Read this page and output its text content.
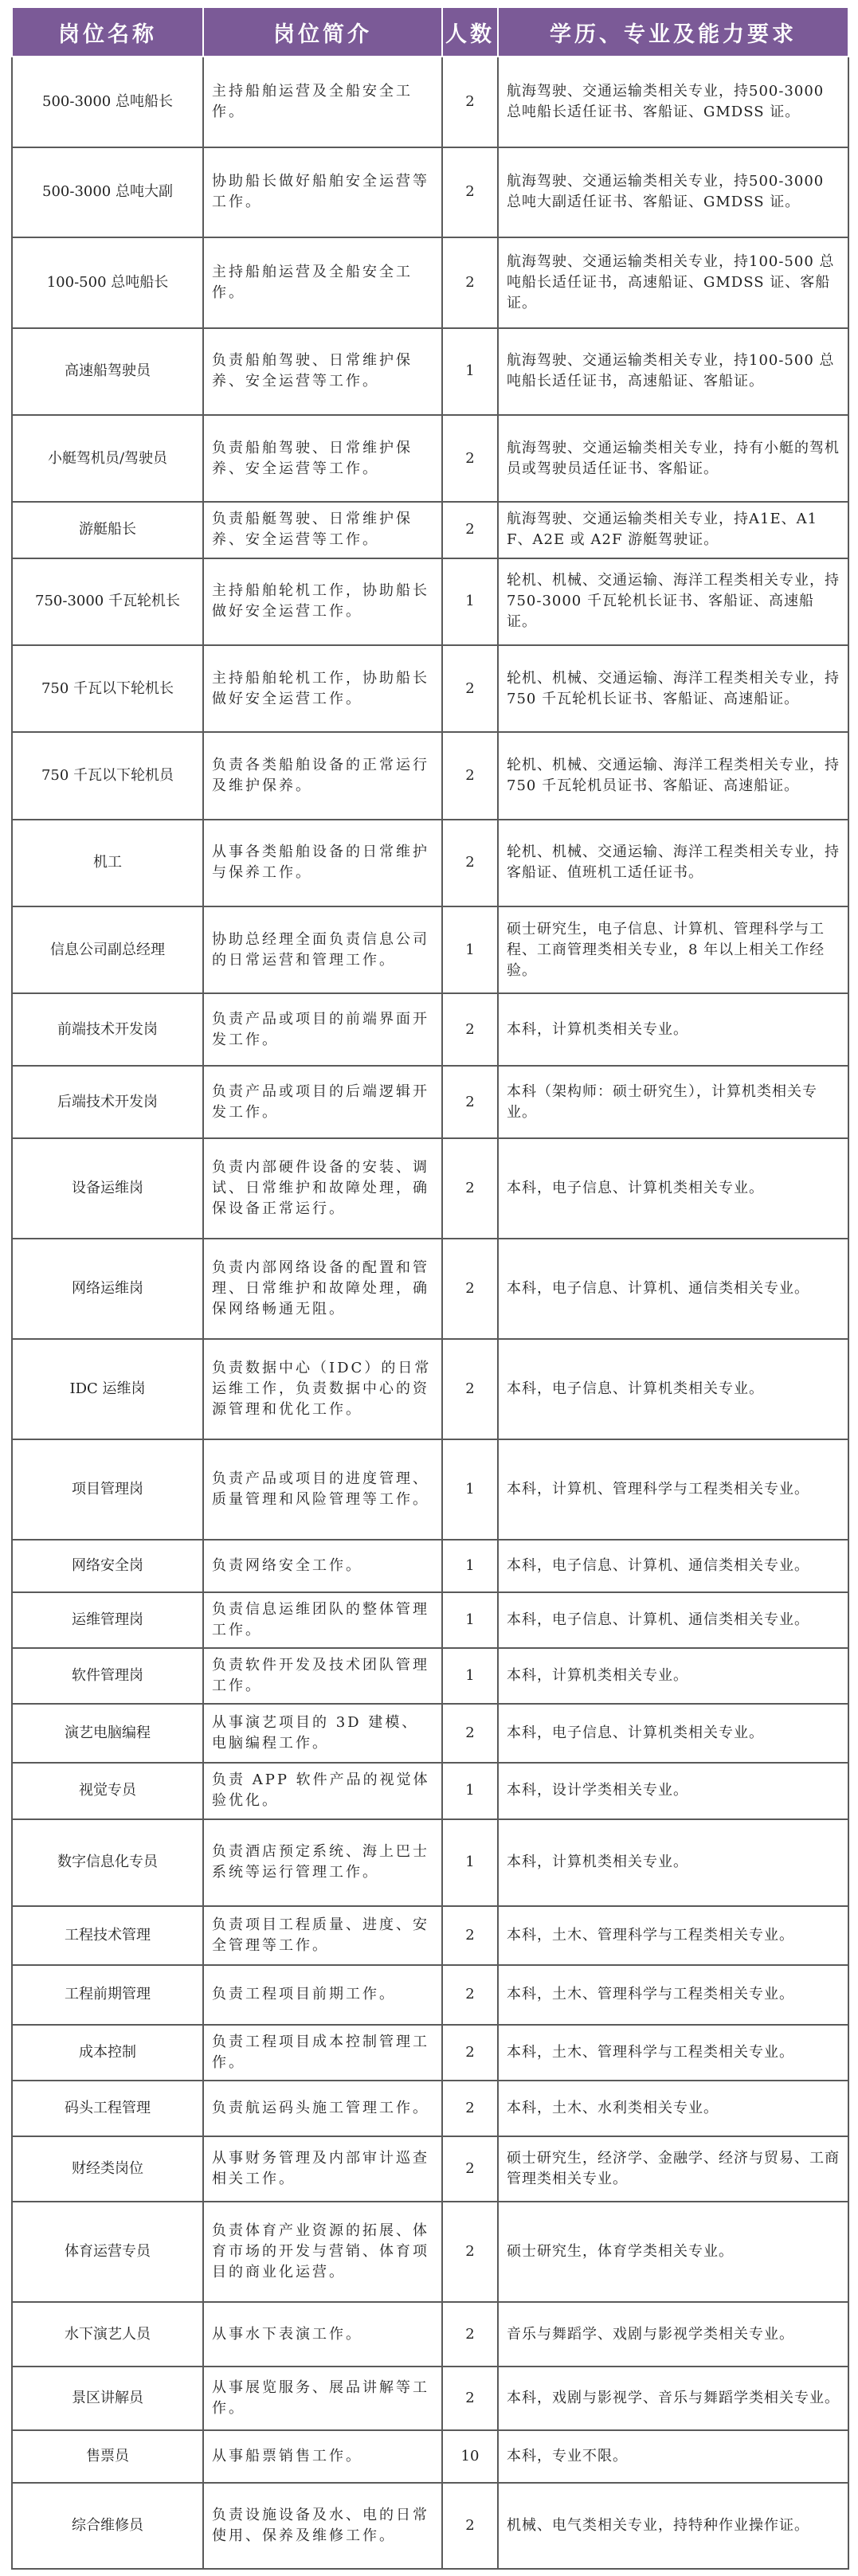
岗位名称	岗位简介	人数	学历、专业及能力要求
500-3000 总吨船长	主持船舶运营及全船安全工作。	2	航海驾驶、交通运输类相关专业，持500-3000 总吨船长适任证书、客船证、GMDSS 证。
500-3000 总吨大副	协助船长做好船舶安全运营等工作。	2	航海驾驶、交通运输类相关专业，持500-3000 总吨大副适任证书、客船证、GMDSS 证。
100-500 总吨船长	主持船舶运营及全船安全工作。	2	航海驾驶、交通运输类相关专业，持100-500 总吨船长适任证书，高速船证、GMDSS 证、客船证。
高速船驾驶员	负责船舶驾驶、日常维护保养、安全运营等工作。	1	航海驾驶、交通运输类相关专业，持100-500 总吨船长适任证书，高速船证、客船证。
小艇驾机员/驾驶员	负责船舶驾驶、日常维护保养、安全运营等工作。	2	航海驾驶、交通运输类相关专业，持有小艇的驾机员或驾驶员适任证书、客船证。
游艇船长	负责船艇驾驶、日常维护保养、安全运营等工作。	2	航海驾驶、交通运输类相关专业，持A1E、A1F、A2E 或 A2F 游艇驾驶证。
750-3000 千瓦轮机长	主持船舶轮机工作，协助船长做好安全运营工作。	1	轮机、机械、交通运输、海洋工程类相关专业，持 750-3000 千瓦轮机长证书、客船证、高速船证。
750 千瓦以下轮机长	主持船舶轮机工作，协助船长做好安全运营工作。	2	轮机、机械、交通运输、海洋工程类相关专业，持 750 千瓦轮机长证书、客船证、高速船证。
750 千瓦以下轮机员	负责各类船舶设备的正常运行及维护保养。	2	轮机、机械、交通运输、海洋工程类相关专业，持 750 千瓦轮机员证书、客船证、高速船证。
机工	从事各类船舶设备的日常维护与保养工作。	2	轮机、机械、交通运输、海洋工程类相关专业，持客船证、值班机工适任证书。
信息公司副总经理	协助总经理全面负责信息公司的日常运营和管理工作。	1	硕士研究生，电子信息、计算机、管理科学与工程、工商管理类相关专业，8 年以上相关工作经验。
前端技术开发岗	负责产品或项目的前端界面开发工作。	2	本科，计算机类相关专业。
后端技术开发岗	负责产品或项目的后端逻辑开发工作。	2	本科（架构师：硕士研究生），计算机类相关专业。
设备运维岗	负责内部硬件设备的安装、调试、日常维护和故障处理，确保设备正常运行。	2	本科，电子信息、计算机类相关专业。
网络运维岗	负责内部网络设备的配置和管理、日常维护和故障处理，确保网络畅通无阻。	2	本科，电子信息、计算机、通信类相关专业。
IDC 运维岗	负责数据中心（IDC）的日常运维工作，负责数据中心的资源管理和优化工作。	2	本科，电子信息、计算机类相关专业。
项目管理岗	负责产品或项目的进度管理、质量管理和风险管理等工作。	1	本科，计算机、管理科学与工程类相关专业。
网络安全岗	负责网络安全工作。	1	本科，电子信息、计算机、通信类相关专业。
运维管理岗	负责信息运维团队的整体管理工作。	1	本科，电子信息、计算机、通信类相关专业。
软件管理岗	负责软件开发及技术团队管理工作。	1	本科，计算机类相关专业。
演艺电脑编程	从事演艺项目的 3D 建模、电脑编程工作。	2	本科，电子信息、计算机类相关专业。
视觉专员	负责 APP 软件产品的视觉体验优化。	1	本科，设计学类相关专业。
数字信息化专员	负责酒店预定系统、海上巴士系统等运行管理工作。	1	本科，计算机类相关专业。
工程技术管理	负责项目工程质量、进度、安全管理等工作。	2	本科，土木、管理科学与工程类相关专业。
工程前期管理	负责工程项目前期工作。	2	本科，土木、管理科学与工程类相关专业。
成本控制	负责工程项目成本控制管理工作。	2	本科，土木、管理科学与工程类相关专业。
码头工程管理	负责航运码头施工管理工作。	2	本科，土木、水利类相关专业。
财经类岗位	从事财务管理及内部审计巡查相关工作。	2	硕士研究生，经济学、金融学、经济与贸易、工商管理类相关专业。
体育运营专员	负责体育产业资源的拓展、体育市场的开发与营销、体育项目的商业化运营。	2	硕士研究生，体育学类相关专业。
水下演艺人员	从事水下表演工作。	2	音乐与舞蹈学、戏剧与影视学类相关专业。
景区讲解员	从事展览服务、展品讲解等工作。	2	本科，戏剧与影视学、音乐与舞蹈学类相关专业。
售票员	从事船票销售工作。	10	本科，专业不限。
综合维修员	负责设施设备及水、电的日常使用、保养及维修工作。	2	机械、电气类相关专业，持特种作业操作证。
